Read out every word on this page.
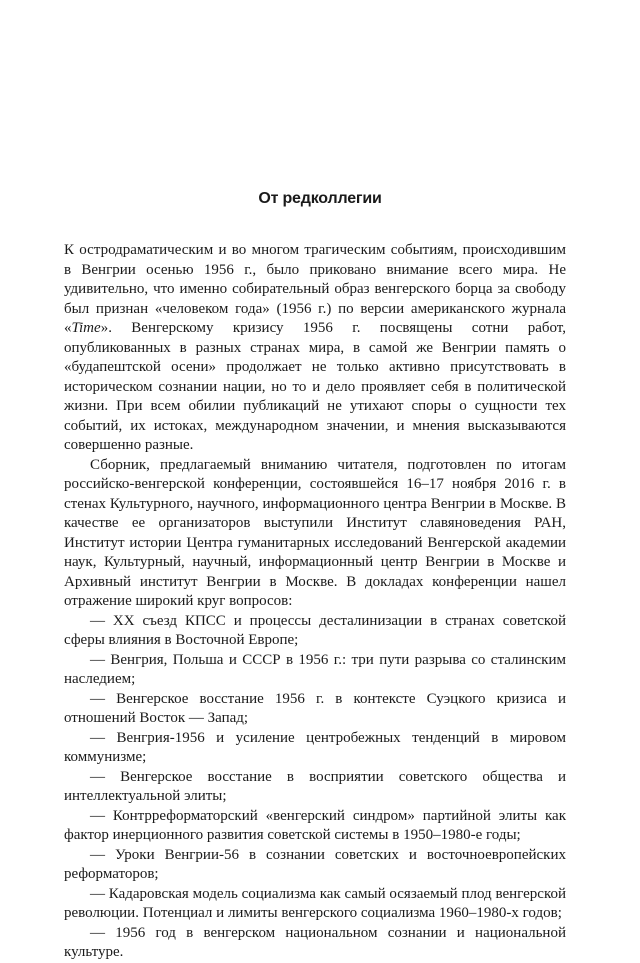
От редколлегии

К остродраматическим и во многом трагическим событиям, происходившим в Венгрии осенью 1956 г., было приковано внимание всего мира. Не удивительно, что именно собирательный образ венгерского борца за свободу был признан «человеком года» (1956 г.) по версии американского журнала «Time». Венгерскому кризису 1956 г. посвящены сотни работ, опубликованных в разных странах мира, в самой же Венгрии память о «будапештской осени» продолжает не только активно присутствовать в историческом сознании нации, но то и дело проявляет себя в политической жизни. При всем обилии публикаций не утихают споры о сущности тех событий, их истоках, международном значении, и мнения высказываются совершенно разные.

Сборник, предлагаемый вниманию читателя, подготовлен по итогам российско-венгерской конференции, состоявшейся 16–17 ноября 2016 г. в стенах Культурного, научного, информационного центра Венгрии в Москве. В качестве ее организаторов выступили Институт славяноведения РАН, Институт истории Центра гуманитарных исследований Венгерской академии наук, Культурный, научный, информационный центр Венгрии в Москве и Архивный институт Венгрии в Москве. В докладах конференции нашел отражение широкий круг вопросов:

— XX съезд КПСС и процессы десталинизации в странах советской сферы влияния в Восточной Европе;

— Венгрия, Польша и СССР в 1956 г.: три пути разрыва со сталинским наследием;

— Венгерское восстание 1956 г. в контексте Суэцкого кризиса и отношений Восток — Запад;

— Венгрия-1956 и усиление центробежных тенденций в мировом коммунизме;

— Венгерское восстание в восприятии советского общества и интеллектуальной элиты;

— Контрреформаторский «венгерский синдром» партийной элиты как фактор инерционного развития советской системы в 1950–1980-е годы;

— Уроки Венгрии-56 в сознании советских и восточноевропейских реформаторов;

— Кадаровская модель социализма как самый осязаемый плод венгерской революции. Потенциал и лимиты венгерского социализма 1960–1980-х годов;

— 1956 год в венгерском национальном сознании и национальной культуре.
